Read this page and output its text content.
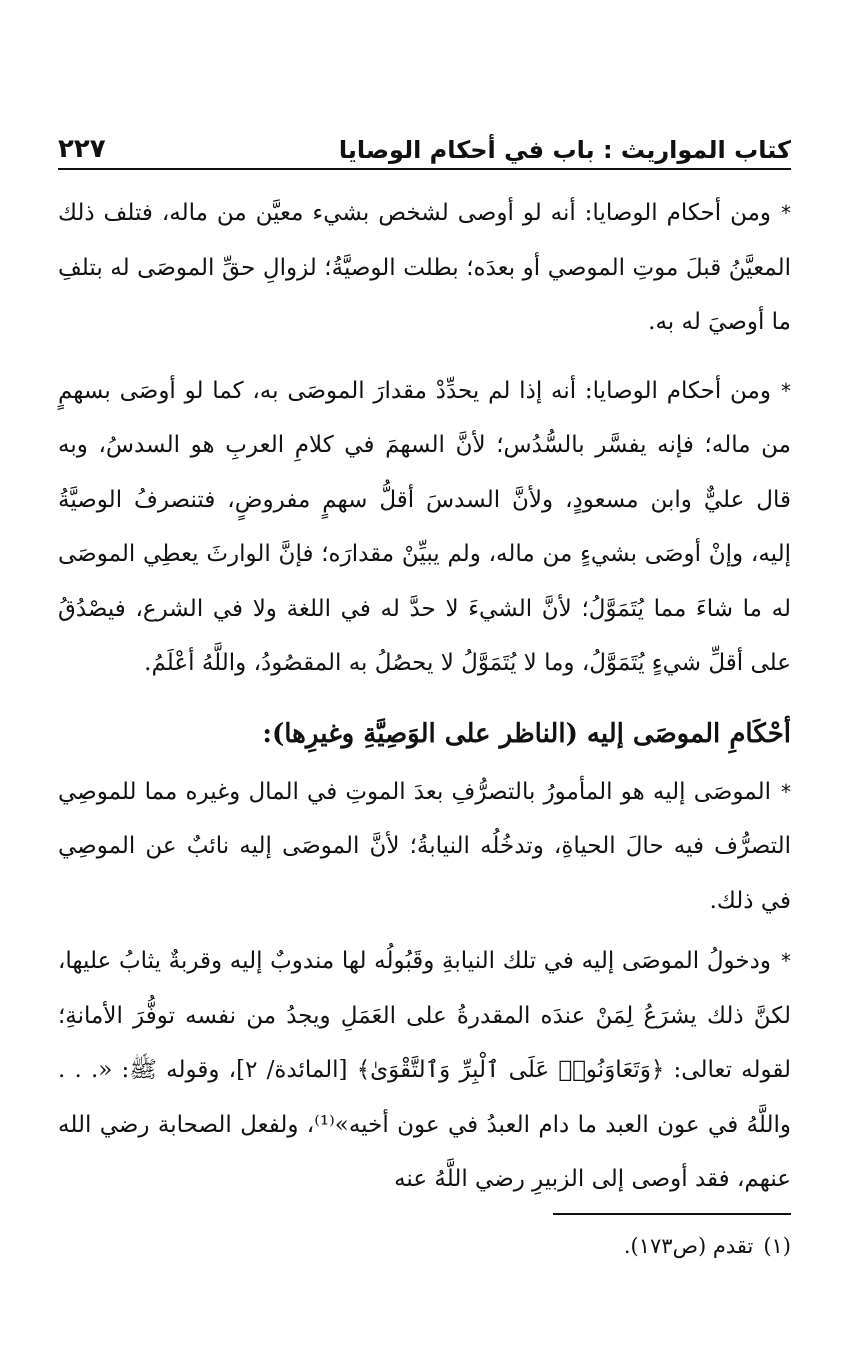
كتاب المواريث : باب في أحكام الوصايا
٢٢٧

*ومن أحكام الوصايا: أنه لو أوصى لشخص بشيء معيَّن من ماله، فتلف ذلك المعيَّنُ قبلَ موتِ الموصي أو بعدَه؛ بطلت الوصيَّةُ؛ لزوالِ حقِّ الموصَى له بتلفِ ما أوصيَ له به.

*ومن أحكام الوصايا: أنه إذا لم يحدِّدْ مقدارَ الموصَى به، كما لو أوصَى بسهمٍ من ماله؛ فإنه يفسَّر بالسُّدُس؛ لأنَّ السهمَ في كلامِ العربِ هو السدسُ، وبه قال عليٌّ وابن مسعودٍ، ولأنَّ السدسَ أقلُّ سهمٍ مفروضٍ، فتنصرفُ الوصيَّةُ إليه، وإنْ أوصَى بشيءٍ من ماله، ولم يبيِّنْ مقدارَه؛ فإنَّ الوارثَ يعطِي الموصَى له ما شاءَ مما يُتَمَوَّلُ؛ لأنَّ الشيءَ لا حدَّ له في اللغة ولا في الشرع، فيصْدُقُ على أقلِّ شيءٍ يُتَمَوَّلُ، وما لا يُتَمَوَّلُ لا يحصُلُ به المقصُودُ، واللَّهُ أعْلَمُ.

أحْكَامِ الموصَى إليه (الناظر على الوَصِيَّةِ وغيرِها):

*الموصَى إليه هو المأمورُ بالتصرُّفِ بعدَ الموتِ في المال وغيره مما للموصِي التصرُّف فيه حالَ الحياةِ، وتدخُلُه النيابةُ؛ لأنَّ الموصَى إليه نائبٌ عن الموصِي في ذلك.

*ودخولُ الموصَى إليه في تلك النيابةِ وقَبُولُه لها مندوبٌ إليه وقربةٌ يثابُ عليها، لكنَّ ذلك يشرَعُ لِمَنْ عندَه المقدرةُ على العَمَلِ ويجدُ من نفسه توفُّرَ الأمانةِ؛ لقوله تعالى: ﴿وَتَعَاوَنُوا۟ عَلَى ٱلْبِرِّ وَٱلتَّقْوَىٰ﴾ [المائدة/ ٢]، وقوله ﷺ: «. . . واللَّهُ في عون العبد ما دام العبدُ في عون أخيه»⁽¹⁾، ولفعل الصحابة رضي الله عنهم، فقد أوصى إلى الزبيرِ رضي اللَّهُ عنه

(١)تقدم (ص١٧٣).
